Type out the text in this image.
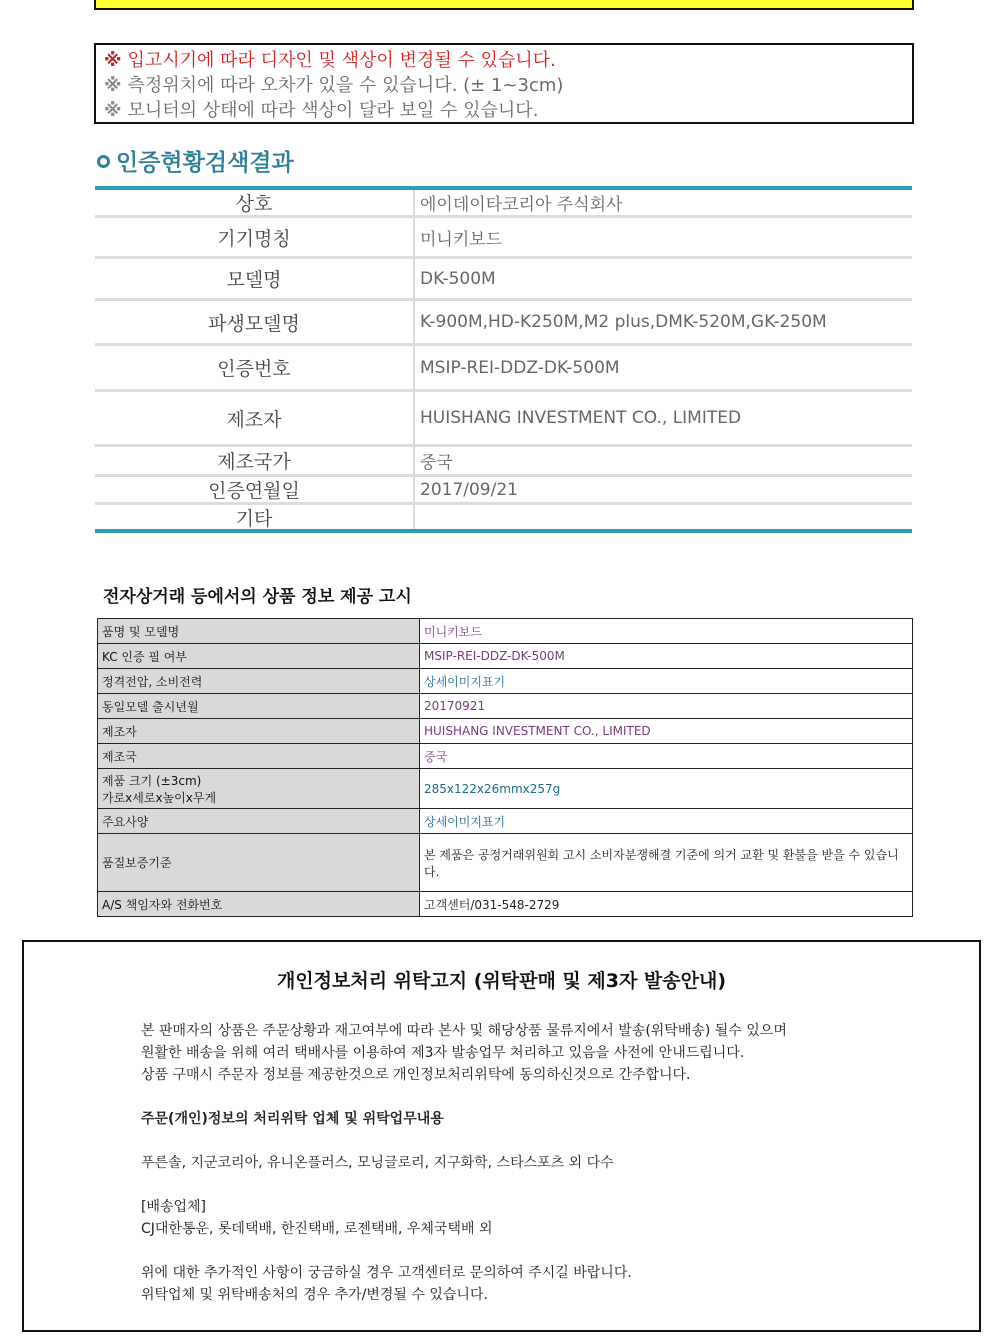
※ 입고시기에 따라 디자인 및 색상이 변경될 수 있습니다.
※ 측정위치에 따라 오차가 있을 수 있습니다. (± 1~3cm)
※ 모니터의 상태에 따라 색상이 달라 보일 수 있습니다.
인증현황검색결과
상호	에이데이타코리아 주식회사
기기명칭	미니키보드
모델명	DK-500M
파생모델명	K-900M,HD-K250M,M2 plus,DMK-520M,GK-250M
인증번호	MSIP-REI-DDZ-DK-500M
제조자	HUISHANG INVESTMENT CO., LIMITED
제조국가	중국
인증연월일	2017/09/21
기타
전자상거래 등에서의 상품 정보 제공 고시
품명 및 모델명	미니키보드
KC 인증 필 여부	MSIP-REI-DDZ-DK-500M
정격전압, 소비전력	상세이미지표기
동일모델 출시년월	20170921
제조자	HUISHANG INVESTMENT CO., LIMITED
제조국	중국

제품 크기 (±3cm)
가로x세로x높이x무게	285x122x26mmx257g
주요사양	상세이미지표기
품질보증기준	본 제품은 공정거래위원회 고시 소비자분쟁해결 기준에 의거 교환 및 환불을 받을 수 있습니다.
A/S 책임자와 전화번호	고객센터/031-548-2729
개인정보처리 위탁고지 (위탁판매 및 제3자 발송안내)

본 판매자의 상품은 주문상황과 재고여부에 따라 본사 및 해당상품 물류지에서 발송(위탁배송) 될수 있으며

원활한 배송을 위해 여러 택배사를 이용하여 제3자 발송업무 처리하고 있음을 사전에 안내드립니다.

상품 구매시 주문자 정보를 제공한것으로 개인정보처리위탁에 동의하신것으로 간주합니다.

주문(개인)정보의 처리위탁 업체 및 위탁업무내용

푸른솔, 지군코리아, 유니온플러스, 모닝글로리, 지구화학, 스타스포츠 외 다수

[배송업체]

CJ대한통운, 롯데택배, 한진택배, 로젠택배, 우체국택배 외

위에 대한 추가적인 사항이 궁금하실 경우 고객센터로 문의하여 주시길 바랍니다.

위탁업체 및 위탁배송처의 경우 추가/변경될 수 있습니다.
